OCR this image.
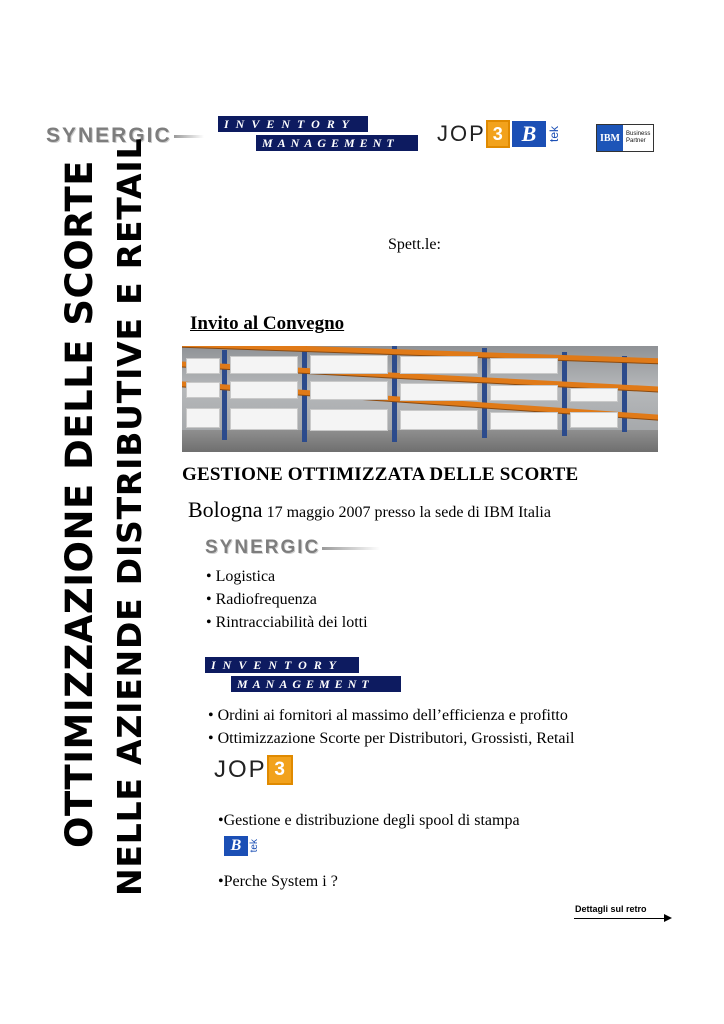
SYNERGIC
INVENTORY
MANAGEMENT	JOP 3 B tek	IBM	Business
Partner
OTTIMIZZAZIONE DELLE SCORTE NELLE AZIENDE DISTRIBUTIVE E RETAIL	Spett.le:
Invito al Convegno
GESTIONE OTTIMIZZATA DELLE SCORTE
Bologna 17 maggio 2007 presso la sede di IBM Italia
SYNERGIC
• Logistica
• Radiofrequenza
• Rintracciabilità dei lotti
INVENTORY
MANAGEMENT
• Ordini ai fornitori al massimo dell’efficienza e profitto
• Ottimizzazione Scorte per Distributori, Grossisti, Retail
JOP 3
•Gestione e distribuzione degli spool di stampa
B tek
•Perche System i ?
Dettagli sul retro
